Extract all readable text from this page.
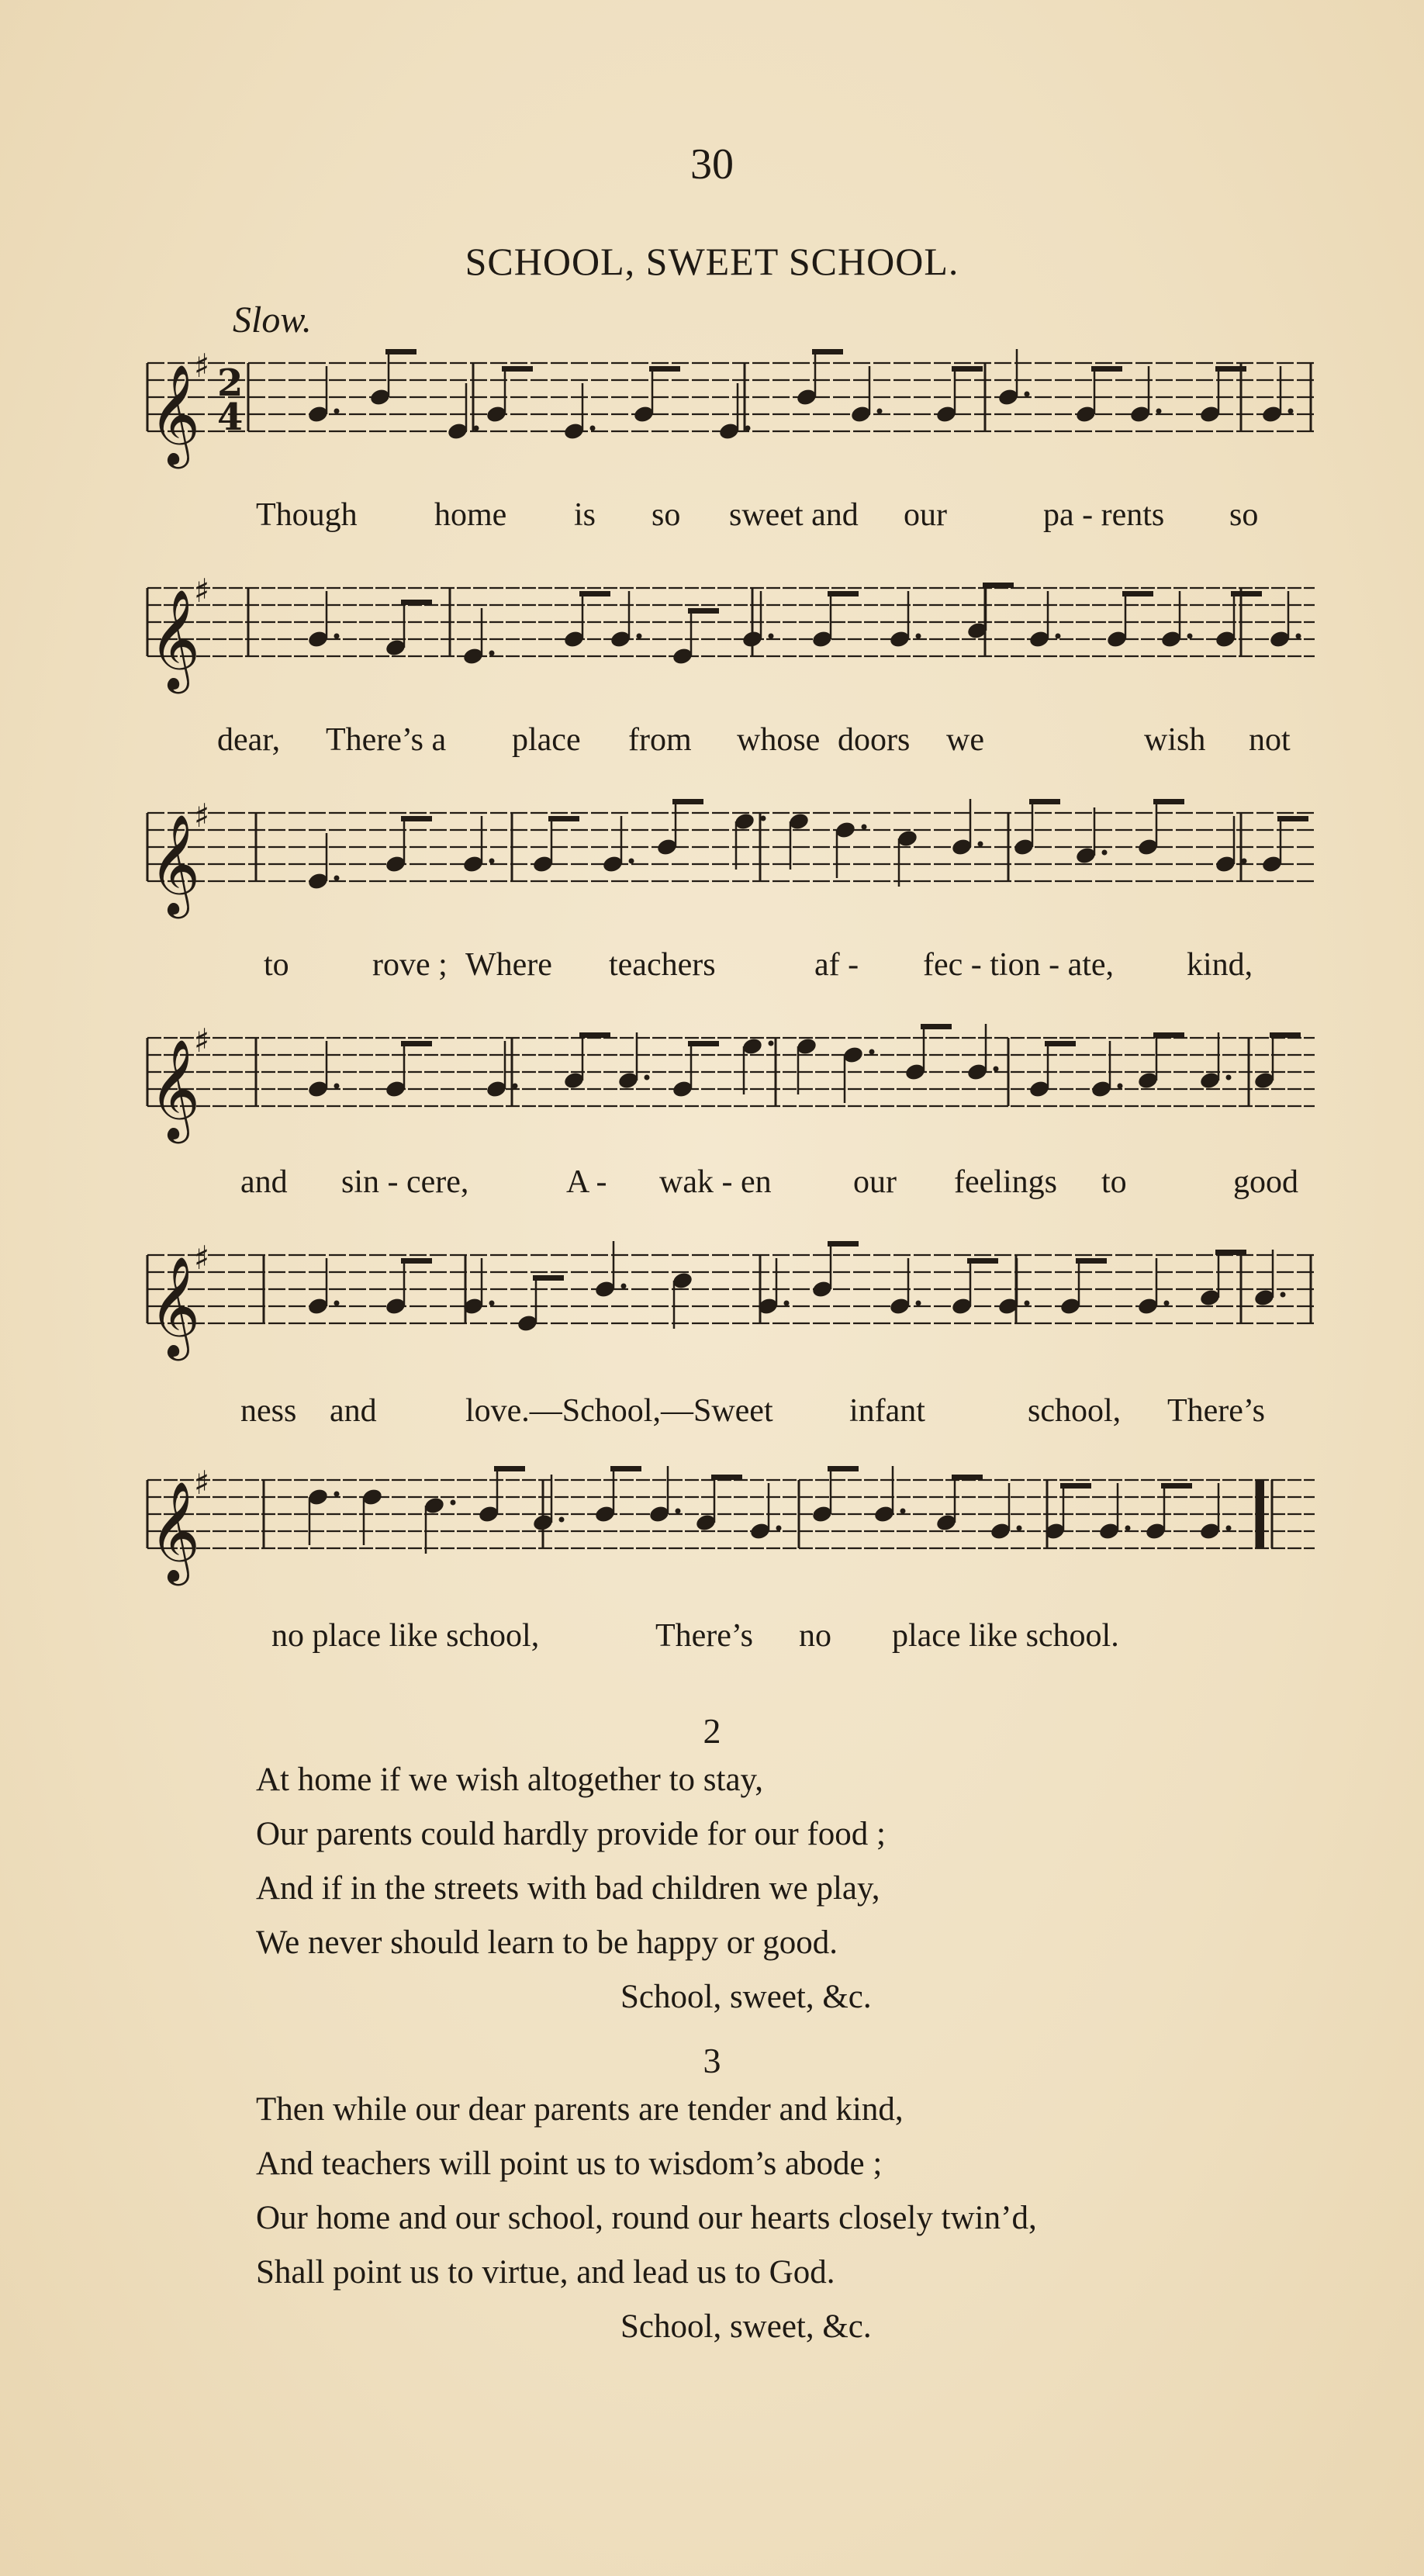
30
SCHOOL, SWEET SCHOOL.
Slow.
𝄞
♯ 2
4
Though home is so sweet and our	pa - rents so
𝄞
♯
dear, There’s a place from whose doors we	wish not
𝄞
♯
to	rove ; Where teachers	af - fec - tion - ate, kind,
𝄞
♯
and sin - cere,	A - wak - en	our feelings to	good
𝄞
♯
ness and	love.—School,—Sweet infant	school, There’s
𝄞
♯
no place like school,	There’s no place like school.
2
At home if we wish altogether to stay,
Our parents could hardly provide for our food ;
And if in the streets with bad children we play,
We never should learn to be happy or good.
School, sweet, &c.
3
Then while our dear parents are tender and kind,
And teachers will point us to wisdom’s abode ;
Our home and our school, round our hearts closely twin’d,
Shall point us to virtue, and lead us to God.
School, sweet, &c.
